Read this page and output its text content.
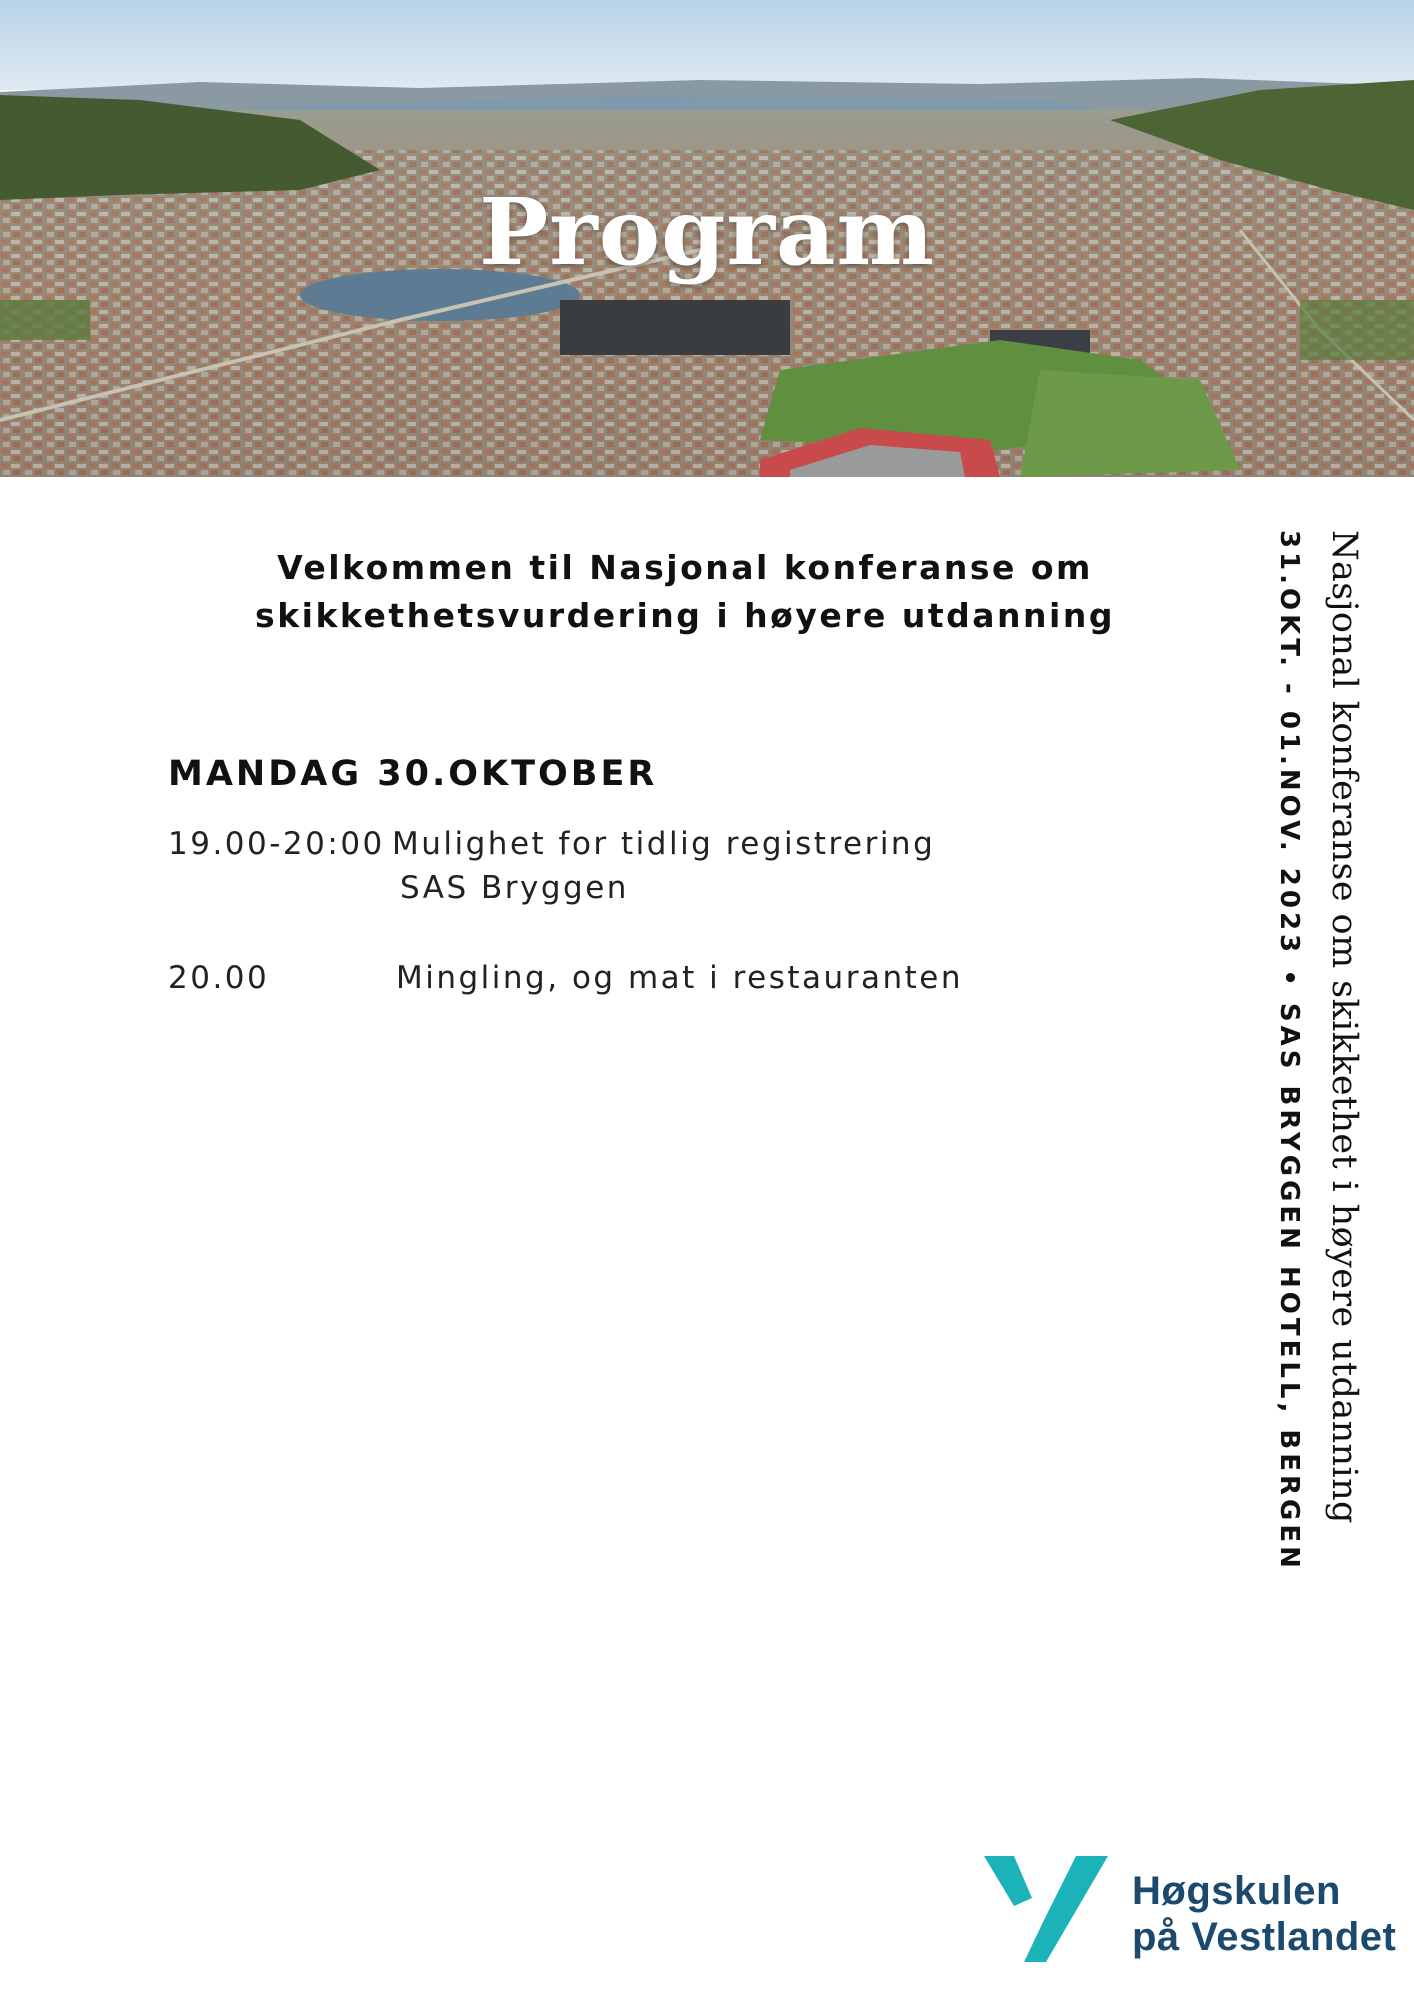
Program
Velkommen til Nasjonal konferanse om
skikkethetsvurdering i høyere utdanning
MANDAG 30.OKTOBER
19.00-20:00 Mulighet for tidlig registrering
SAS Bryggen
20.00	Mingling, og mat i restauranten	Nasjonal konferanse om skikkethet i høyere utdanning
31.OKT. - 01.NOV. 2023 • SAS BRYGGEN HOTELL, BERGEN
Høgskulen
på Vestlandet
